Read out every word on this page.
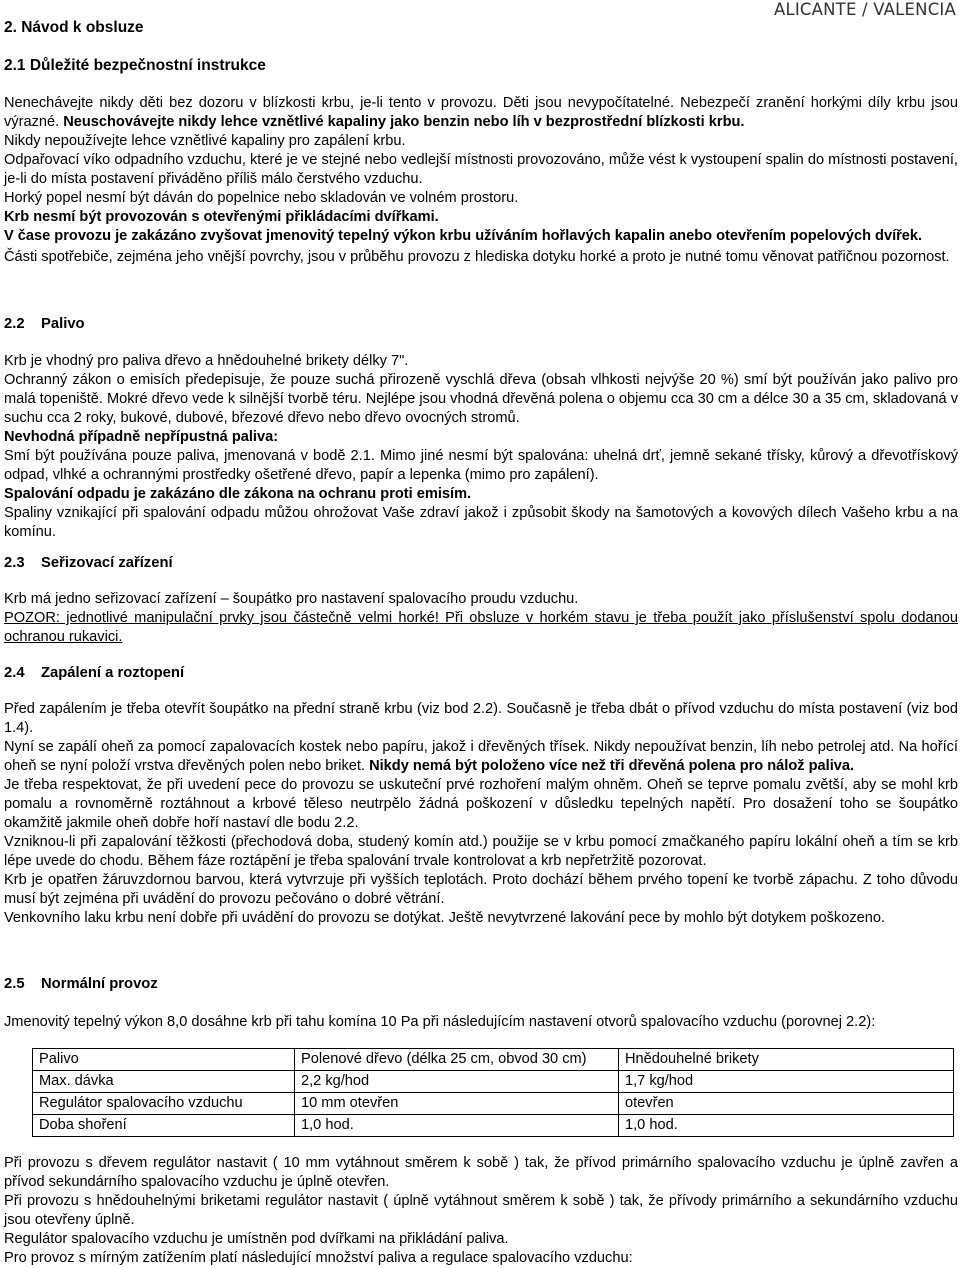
ALICANTE / VALENCIA
2. Návod k obsluze
2.1 Důležité bezpečnostní instrukce

Nenechávejte nikdy děti bez dozoru v blízkosti krbu, je-li tento v provozu. Děti jsou nevypočítatelné. Nebezpečí zranění horkými díly krbu jsou výrazné. Neuschovávejte nikdy lehce vznětlivé kapaliny jako benzin nebo líh v bezprostřední blízkosti krbu.

Nikdy nepoužívejte lehce vznětlivé kapaliny pro zapálení krbu.

Odpařovací víko odpadního vzduchu, které je ve stejné nebo vedlejší místnosti provozováno, může vést k vystoupení spalin do místnosti postavení, je-li do místa postavení přiváděno příliš málo čerstvého vzduchu.

Horký popel nesmí být dáván do popelnice nebo skladován ve volném prostoru.

Krb nesmí být provozován s otevřenými přikládacími dvířkami.

V čase provozu je zakázáno zvyšovat jmenovitý tepelný výkon krbu užíváním hořlavých kapalin anebo otevřením popelových dvířek.

Části spotřebiče, zejména jeho vnější povrchy, jsou v průběhu provozu z hlediska dotyku horké a proto je nutné tomu věnovat patřičnou pozornost.

2.2 Palivo

Krb je vhodný pro paliva dřevo a hnědouhelné brikety délky 7".

Ochranný zákon o emisích předepisuje, že pouze suchá přirozeně vyschlá dřeva (obsah vlhkosti nejvýše 20 %) smí být používán jako palivo pro malá topeniště. Mokré dřevo vede k silnější tvorbě téru. Nejlépe jsou vhodná dřevěná polena o objemu cca 30 cm a délce 30 a 35 cm, skladovaná v suchu cca 2 roky, bukové, dubové, březové dřevo nebo dřevo ovocných stromů.

Nevhodná případně nepřípustná paliva:

Smí být používána pouze paliva, jmenovaná v bodě 2.1. Mimo jiné nesmí být spalována: uhelná drť, jemně sekané třísky, kůrový a dřevotřískový odpad, vlhké a ochrannými prostředky ošetřené dřevo, papír a lepenka (mimo pro zapálení).

Spalování odpadu je zakázáno dle zákona na ochranu proti emisím.

Spaliny vznikající při spalování odpadu můžou ohrožovat Vaše zdraví jakož i způsobit škody na šamotových a kovových dílech Vašeho krbu a na komínu.

2.3 Seřizovací zařízení

Krb má jedno seřizovací zařízení – šoupátko pro nastavení spalovacího proudu vzduchu.

POZOR: jednotlivé manipulační prvky jsou částečně velmi horké! Při obsluze v horkém stavu je třeba použít jako příslušenství spolu dodanou ochranou rukavici.

2.4 Zapálení a roztopení

Před zapálením je třeba otevřít šoupátko na přední straně krbu (viz bod 2.2). Současně je třeba dbát o přívod vzduchu do místa postavení (viz bod 1.4).

Nyní se zapálí oheň za pomocí zapalovacích kostek nebo papíru, jakož i dřevěných třísek. Nikdy nepoužívat benzin, líh nebo petrolej atd. Na hořící oheň se nyní položí vrstva dřevěných polen nebo briket. Nikdy nemá být položeno více než tři dřevěná polena pro nálož paliva.

Je třeba respektovat, že při uvedení pece do provozu se uskuteční prvé rozhoření malým ohněm. Oheň se teprve pomalu zvětší, aby se mohl krb pomalu a rovnoměrně roztáhnout a krbové těleso neutrpělo žádná poškození v důsledku tepelných napětí. Pro dosažení toho se šoupátko okamžitě jakmile oheň dobře hoří nastaví dle bodu 2.2.

Vzniknou-li při zapalování těžkosti (přechodová doba, studený komín atd.) použije se v krbu pomocí zmačkaného papíru lokální oheň a tím se krb lépe uvede do chodu. Během fáze roztápění je třeba spalování trvale kontrolovat a krb nepřetržitě pozorovat.

Krb je opatřen žáruvzdornou barvou, která vytvrzuje při vyšších teplotách. Proto dochází během prvého topení ke tvorbě zápachu. Z toho důvodu musí být zejména při uvádění do provozu pečováno o dobré větrání.

Venkovního laku krbu není dobře při uvádění do provozu se dotýkat. Ještě nevytvrzené lakování pece by mohlo být dotykem poškozeno.

2.5 Normální provoz
Jmenovitý tepelný výkon 8,0 dosáhne krb při tahu komína 10 Pa při následujícím nastavení otvorů spalovacího vzduchu (porovnej 2.2):
Palivo	Polenové dřevo (délka 25 cm, obvod 30 cm)	Hnědouhelné brikety
Max. dávka	2,2 kg/hod	1,7 kg/hod
Regulátor spalovacího vzduchu	10 mm otevřen	otevřen
Doba shoření	1,0 hod.	1,0 hod.

Při provozu s dřevem regulátor nastavit ( 10 mm vytáhnout směrem k sobě ) tak, že přívod primárního spalovacího vzduchu je úplně zavřen a přívod sekundárního spalovacího vzduchu je úplně otevřen.

Při provozu s hnědouhelnými briketami regulátor nastavit ( úplně vytáhnout směrem k sobě ) tak, že přívody primárního a sekundárního vzduchu jsou otevřeny úplně.

Regulátor spalovacího vzduchu je umístněn pod dvířkami na přikládání paliva.

Pro provoz s mírným zatížením platí následující množství paliva a regulace spalovacího vzduchu:
